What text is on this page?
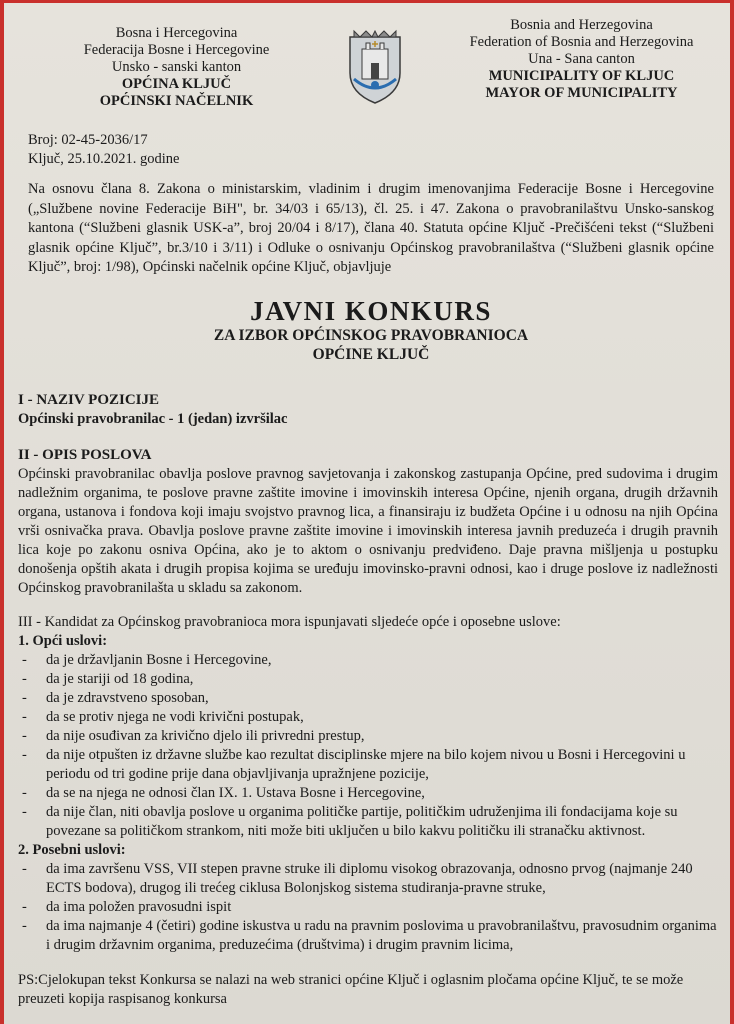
Bosna i Hercegovina
Federacija Bosne i Hercegovine
Unsko - sanski kanton
OPĆINA KLJUČ
OPĆINSKI NAČELNIK
Bosnia and Herzegovina
Federation of Bosnia and Herzegovina
Una - Sana canton
MUNICIPALITY OF KLJUC
MAYOR OF MUNICIPALITY
Broj: 02-45-2036/17
Ključ, 25.10.2021. godine
Na osnovu člana 8. Zakona o ministarskim, vladinim i drugim imenovanjima Federacije Bosne i Hercegovine („Službene novine Federacije BiH", br. 34/03 i 65/13), čl. 25. i 47. Zakona o pravobranilaštvu Unsko-sanskog kantona (“Službeni glasnik USK-a”, broj 20/04 i 8/17), člana 40. Statuta općine Ključ -Prečišćeni tekst (“Službeni glasnik općine Ključ”, br.3/10 i 3/11) i Odluke o osnivanju Općinskog pravobranilaštva (“Službeni glasnik općine Ključ”, broj: 1/98), Općinski načelnik općine Ključ, objavljuje
JAVNI KONKURS
ZA IZBOR OPĆINSKOG PRAVOBRANIOCA
OPĆINE KLJUČ
I - NAZIV POZICIJE
Općinski pravobranilac - 1 (jedan) izvršilac
II - OPIS POSLOVA
Općinski pravobranilac obavlja poslove pravnog savjetovanja i zakonskog zastupanja Općine, pred sudovima i drugim nadležnim organima, te poslove pravne zaštite imovine i imovinskih interesa Općine, njenih organa, drugih državnih organa, ustanova i fondova koji imaju svojstvo pravnog lica, a finansiraju iz budžeta Općine i u odnosu na njih Općina vrši osnivačka prava. Obavlja poslove pravne zaštite imovine i imovinskih interesa javnih preduzeća i drugih pravnih lica koje po zakonu osniva Općina, ako je to aktom o osnivanju predviđeno. Daje pravna mišljenja u postupku donošenja opštih akata i drugih propisa kojima se uređuju imovinsko-pravni odnosi, kao i druge poslove iz nadležnosti Općinskog pravobranilašta u skladu sa zakonom.
III - Kandidat za Općinskog pravobranioca mora ispunjavati sljedeće opće i oposebne uslove:
1. Opći uslovi:
- da je državljanin Bosne i Hercegovine,
- da je stariji od 18 godina,
- da je zdravstveno sposoban,
- da se protiv njega ne vodi krivični postupak,
- da nije osuđivan za krivično djelo ili privredni prestup,
- da nije otpušten iz državne službe kao rezultat disciplinske mjere na bilo kojem nivou u Bosni i Hercegovini u periodu od tri godine prije dana objavljivanja upražnjene pozicije,
- da se na njega ne odnosi član IX. 1. Ustava Bosne i Hercegovine,
- da nije član, niti obavlja poslove u organima političke partije, političkim udruženjima ili fondacijama koje su povezane sa političkom strankom, niti može biti uključen u bilo kakvu političku ili stranačku aktivnost.
2. Posebni uslovi:
- da ima završenu VSS, VII stepen pravne struke ili diplomu visokog obrazovanja, odnosno prvog (najmanje 240 ECTS bodova), drugog ili trećeg ciklusa Bolonjskog sistema studiranja-pravne struke,
- da ima položen pravosudni ispit
- da ima najmanje 4 (četiri) godine iskustva u radu na pravnim poslovima u pravobranilaštvu, pravosudnim organima i drugim državnim organima, preduzećima (društvima) i drugim pravnim licima,
PS:Cjelokupan tekst Konkursa se nalazi na web stranici općine Ključ i oglasnim pločama općine Ključ, te se može preuzeti kopija raspisanog konkursa
